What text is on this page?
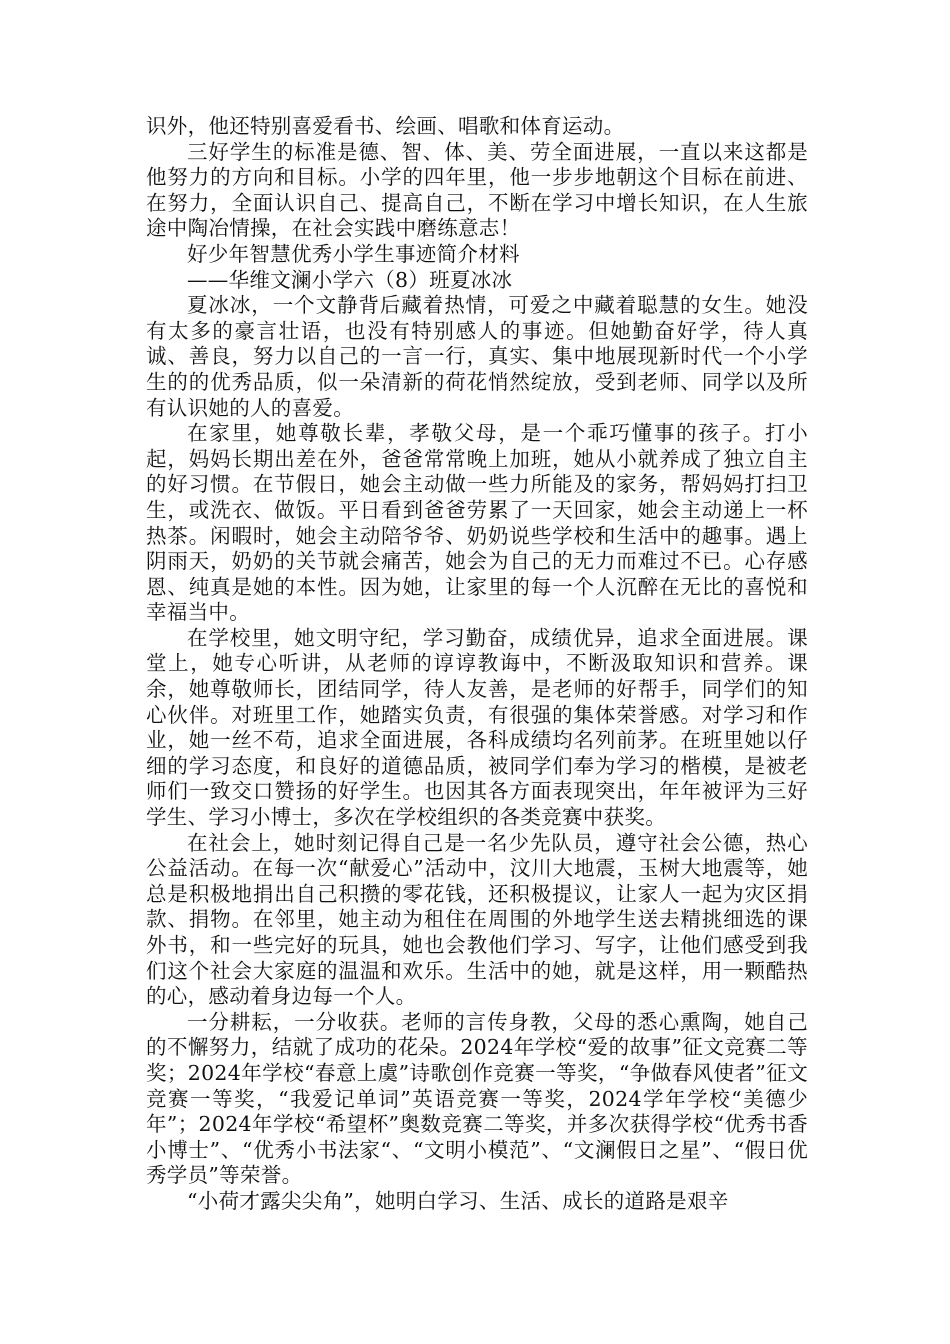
识外，他还特别喜爱看书、绘画、唱歌和体育运动。

三好学生的标准是德、智、体、美、劳全面进展，一直以来这都是他努力的方向和目标。小学的四年里，他一步步地朝这个目标在前进、在努力，全面认识自己、提高自己，不断在学习中增长知识，在人生旅途中陶冶情操，在社会实践中磨练意志！

好少年智慧优秀小学生事迹简介材料

——华维文澜小学六（8）班夏冰冰

夏冰冰，一个文静背后藏着热情，可爱之中藏着聪慧的女生。她没有太多的豪言壮语，也没有特别感人的事迹。但她勤奋好学，待人真诚、善良，努力以自己的一言一行，真实、集中地展现新时代一个小学生的的优秀品质，似一朵清新的荷花悄然绽放，受到老师、同学以及所有认识她的人的喜爱。

在家里，她尊敬长辈，孝敬父母，是一个乖巧懂事的孩子。打小起，妈妈长期出差在外，爸爸常常晚上加班，她从小就养成了独立自主的好习惯。在节假日，她会主动做一些力所能及的家务，帮妈妈打扫卫生，或洗衣、做饭。平日看到爸爸劳累了一天回家，她会主动递上一杯热茶。闲暇时，她会主动陪爷爷、奶奶说些学校和生活中的趣事。遇上阴雨天，奶奶的关节就会痛苦，她会为自己的无力而难过不已。心存感恩、纯真是她的本性。因为她，让家里的每一个人沉醉在无比的喜悦和幸福当中。

在学校里，她文明守纪，学习勤奋，成绩优异，追求全面进展。课堂上，她专心听讲，从老师的谆谆教诲中，不断汲取知识和营养。课余，她尊敬师长，团结同学，待人友善，是老师的好帮手，同学们的知心伙伴。对班里工作，她踏实负责，有很强的集体荣誉感。对学习和作业，她一丝不苟，追求全面进展，各科成绩均名列前茅。在班里她以仔细的学习态度，和良好的道德品质，被同学们奉为学习的楷模，是被老师们一致交口赞扬的好学生。也因其各方面表现突出，年年被评为三好学生、学习小博士，多次在学校组织的各类竞赛中获奖。

在社会上，她时刻记得自己是一名少先队员，遵守社会公德，热心公益活动。在每一次“献爱心”活动中，汶川大地震，玉树大地震等，她总是积极地捐出自己积攒的零花钱，还积极提议，让家人一起为灾区捐款、捐物。在邻里，她主动为租住在周围的外地学生送去精挑细选的课外书，和一些完好的玩具，她也会教他们学习、写字，让他们感受到我们这个社会大家庭的温温和欢乐。生活中的她，就是这样，用一颗酷热的心，感动着身边每一个人。

一分耕耘，一分收获。老师的言传身教，父母的悉心熏陶，她自己的不懈努力，结就了成功的花朵。2024年学校“爱的故事”征文竞赛二等奖；2024年学校“春意上虞”诗歌创作竞赛一等奖，“争做春风使者”征文竞赛一等奖，“我爱记单词”英语竞赛一等奖，2024学年学校“美德少年”；2024年学校“希望杯”奥数竞赛二等奖，并多次获得学校“优秀书香小博士”、“优秀小书法家“、“文明小模范”、“文澜假日之星”、“假日优秀学员”等荣誉。

“小荷才露尖尖角”，她明白学习、生活、成长的道路是艰辛
